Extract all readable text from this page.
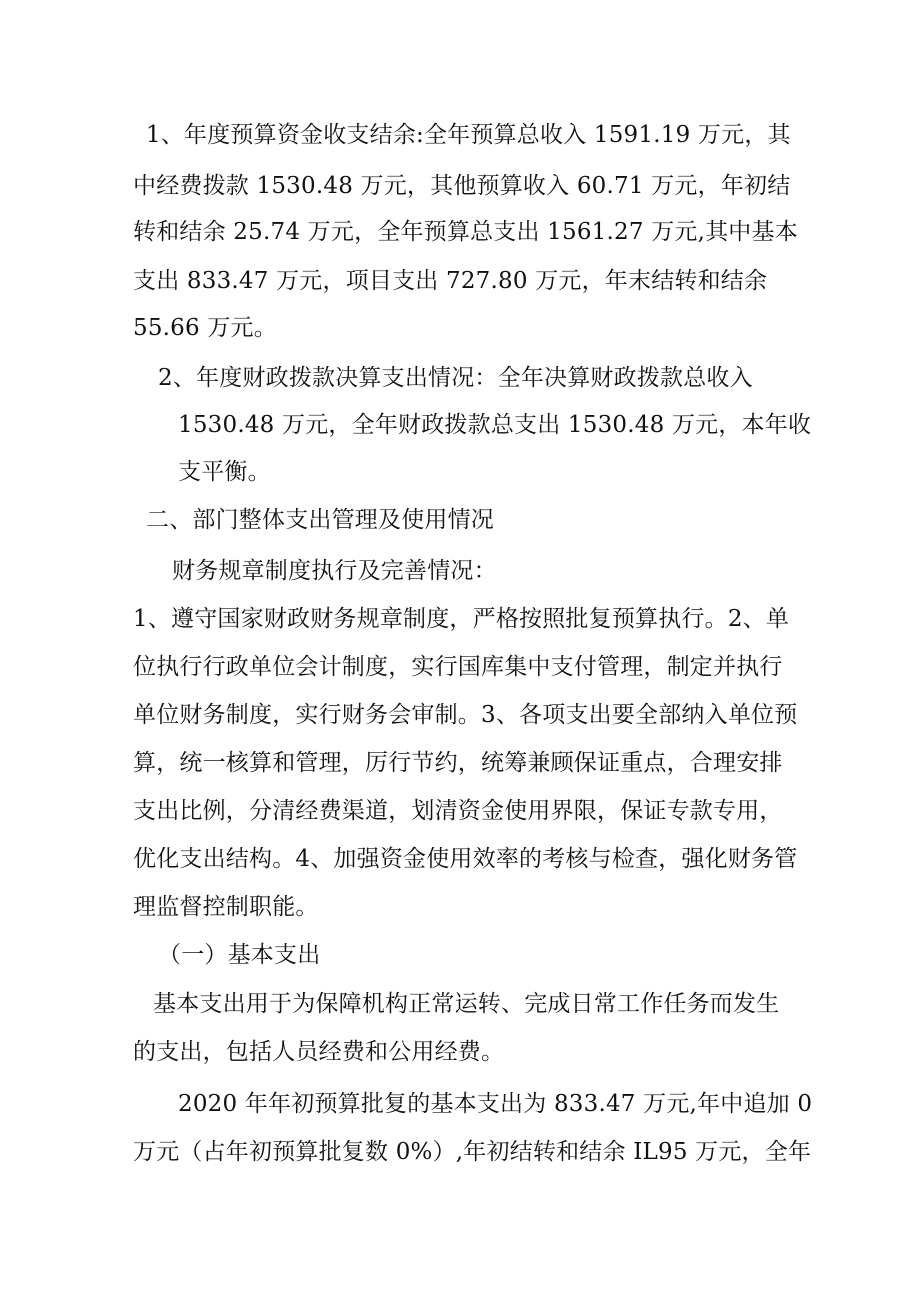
1、年度预算资金收支结余:全年预算总收入 1591.19 万元，其
中经费拨款 1530.48 万元，其他预算收入 60.71 万元，年初结
转和结余 25.74 万元，全年预算总支出 1561.27 万元,其中基本
支出 833.47 万元，项目支出 727.80 万元，年末结转和结余
55.66 万元。
2、年度财政拨款决算支出情况：全年决算财政拨款总收入
1530.48 万元，全年财政拨款总支出 1530.48 万元，本年收
支平衡。
二、部门整体支出管理及使用情况
财务规章制度执行及完善情况：
1、遵守国家财政财务规章制度，严格按照批复预算执行。2、单
位执行行政单位会计制度，实行国库集中支付管理，制定并执行
单位财务制度，实行财务会审制。3、各项支出要全部纳入单位预
算，统一核算和管理，厉行节约，统筹兼顾保证重点，合理安排
支出比例，分清经费渠道，划清资金使用界限，保证专款专用，
优化支出结构。4、加强资金使用效率的考核与检查，强化财务管
理监督控制职能。
（一）基本支出
基本支出用于为保障机构正常运转、完成日常工作任务而发生
的支出，包括人员经费和公用经费。
2020 年年初预算批复的基本支出为 833.47 万元,年中追加 0
万元（占年初预算批复数 0%）,年初结转和结余 IL95 万元，全年
